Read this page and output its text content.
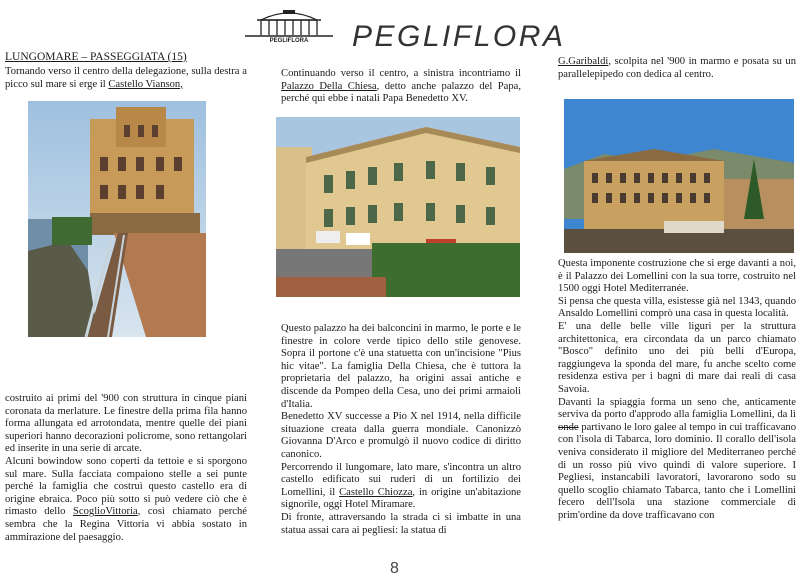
PEGLIFLORA	PEGLIFLORA
LUNGOMARE – PASSEGGIATA (15)

Tornando verso il centro della delegazione, sulla destra a picco sul mare si erge il Castello Vianson,

costruito ai primi del '900 con struttura in cinque piani coronata da merlature. Le finestre della prima fila hanno forma allungata ed arrotondata, mentre quelle dei piani superiori hanno decorazioni policrome, sono rettangolari ed inserite in una serie di arcate.

Alcuni bowindow sono coperti da tettoie e si sporgono sul mare. Sulla facciata compaiono stelle a sei punte perché la famiglia che costruì questo castello era di origine ebraica. Poco più sotto si può vedere ciò che è rimasto dello ScoglioVittoria, così chiamato perché sembra che la Regina Vittoria vi abbia sostato in ammirazione del paesaggio.

Continuando verso il centro, a sinistra incontriamo il Palazzo Della Chiesa, detto anche palazzo del Papa, perché qui ebbe i natali Papa Benedetto XV.

Questo palazzo ha dei balconcini in marmo, le porte e le finestre in colore verde tipico dello stile genovese. Sopra il portone c'è una statuetta con un'incisione "Pius hic vitae". La famiglia Della Chiesa, che è tuttora la proprietaria del palazzo, ha origini assai antiche e discende da Pompeo della Cesa, uno dei primi armaioli d'Italia.

Benedetto XV successe a Pio X nel 1914, nella difficile situazione creata dalla guerra mondiale. Canonizzò Giovanna D'Arco e promulgò il nuovo codice di diritto canonico.

Percorrendo il lungomare, lato mare, s'incontra un altro castello edificato sui ruderi di un fortilizio dei Lomellini, il Castello Chiozza, in origine un'abitazione signorile, oggi Hotel Miramare.

Di fronte, attraversando la strada ci si imbatte in una statua assai cara ai pegliesi: la statua di

G.Garibaldi, scolpita nel '900 in marmo e posata su un parallelepipedo con dedica al centro.

Questa imponente costruzione che si erge davanti a noi, è il Palazzo dei Lomellini con la sua torre, costruito nel 1500 oggi Hotel Mediterranée.

Si pensa che questa villa, esistesse già nel 1343, quando Ansaldo Lomellini comprò una casa in questa località.

E' una delle belle ville liguri per la struttura architettonica, era circondata da un parco chiamato "Bosco" definito uno dei più belli d'Europa, raggiungeva la sponda del mare, fu anche scelto come residenza estiva per i bagni di mare dai reali di casa Savoia.

Davanti la spiaggia forma un seno che, anticamente serviva da porto d'approdo alla famiglia Lomellini, da lì onde partivano le loro galee al tempo in cui trafficavano con l'isola di Tabarca, loro dominio. Il corallo dell'isola veniva considerato il migliore del Mediterraneo perché di un rosso più vivo quindi di valore superiore. I Pegliesi, instancabili lavoratori, lavorarono sodo su quello scoglio chiamato Tabarca, tanto che i Lomellini fecero dell'Isola una stazione commerciale di prim'ordine da dove trafficavano con

8
